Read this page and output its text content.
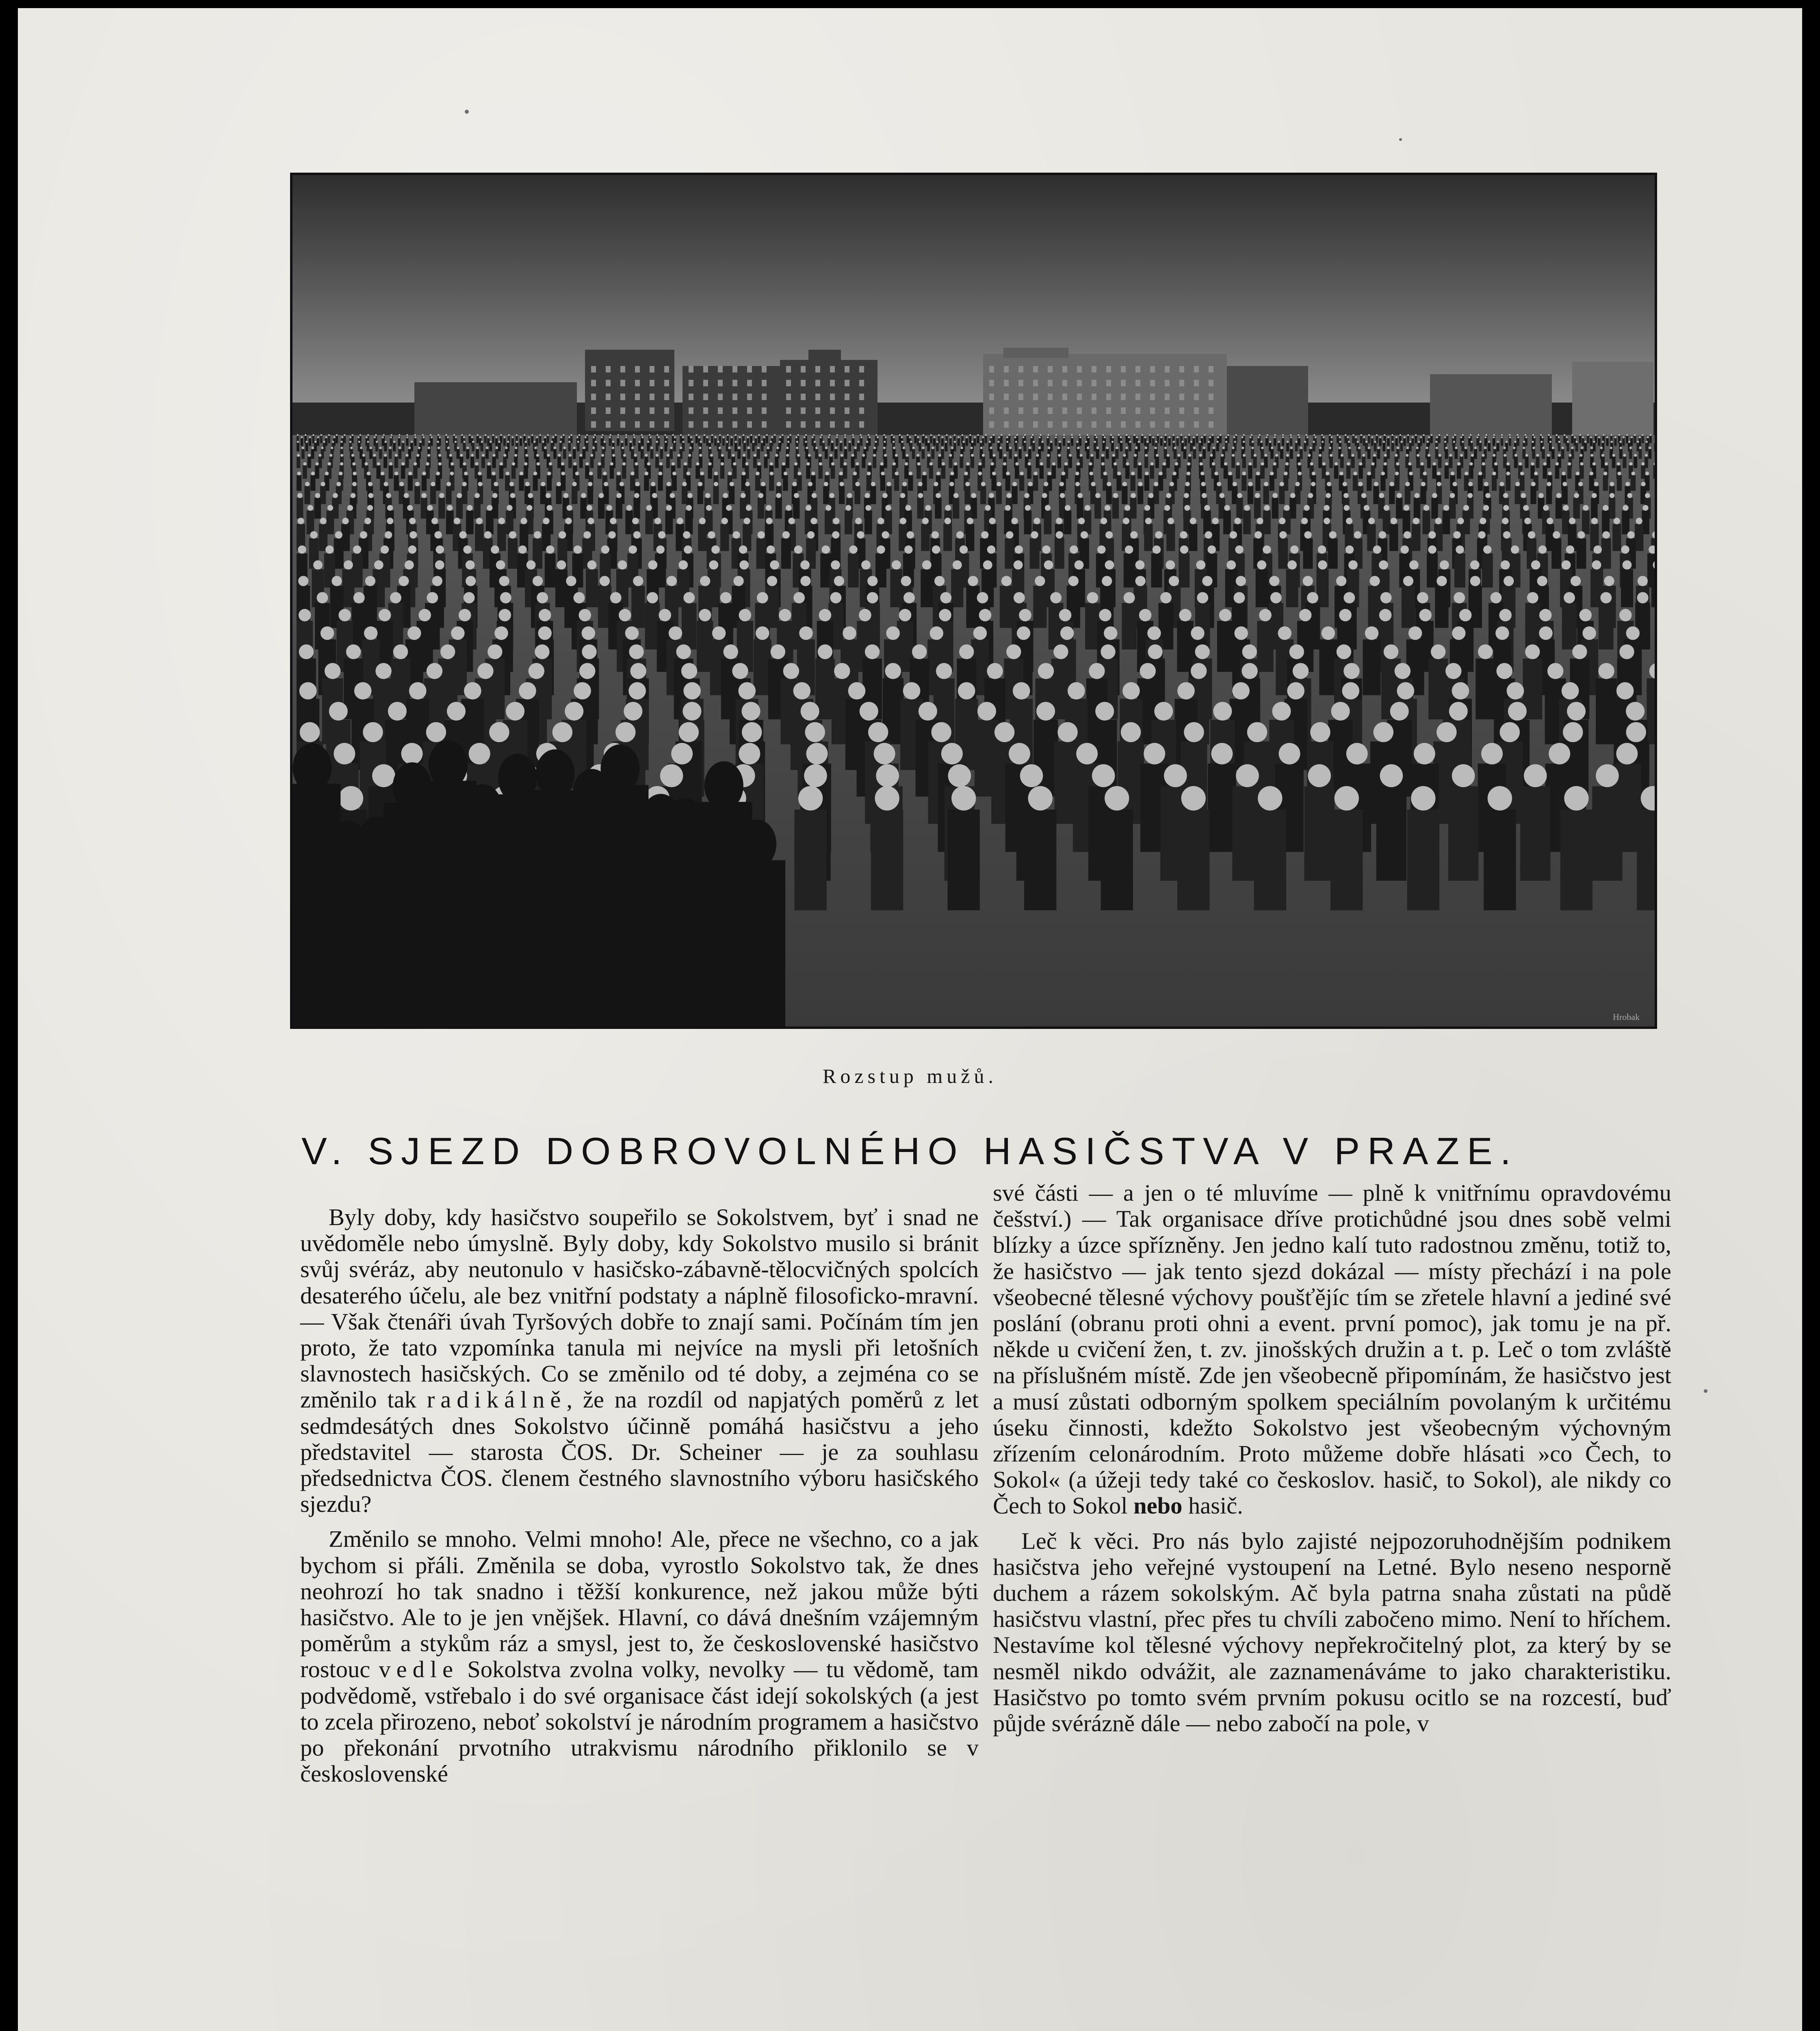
Hrobak
Rozstup mužů.
V. SJEZD DOBROVOLNÉHO HASIČSTVA V PRAZE.

Byly doby, kdy hasičstvo soupeřilo se Sokolstvem, byť i snad ne uvědoměle nebo úmyslně. Byly doby, kdy Sokolstvo musilo si bránit svůj svéráz, aby neutonulo v hasičsko-zábavně-tělocvičných spolcích desaterého účelu, ale bez vnitřní podstaty a náplně filosoficko-mravní. — Však čtenáři úvah Tyršových dobře to znají sami. Počínám tím jen proto, že tato vzpomínka tanula mi nejvíce na mysli při letošních slavnostech hasičských. Co se změnilo od té doby, a zejména co se změnilo tak radikálně, že na rozdíl od napjatých poměrů z let sedmdesátých dnes Sokolstvo účinně pomáhá hasičstvu a jeho představitel — starosta ČOS. Dr. Scheiner — je za souhlasu předsednictva ČOS. členem čestného slavnostního výboru hasičského sjezdu?

Změnilo se mnoho. Velmi mnoho! Ale, přece ne všechno, co a jak bychom si přáli. Změnila se doba, vyrostlo Sokolstvo tak, že dnes neohrozí ho tak snadno i těžší konkurence, než jakou může býti hasičstvo. Ale to je jen vnějšek. Hlavní, co dává dnešním vzájemným poměrům a stykům ráz a smysl, jest to, že československé hasičstvo rostouc vedle Sokolstva zvolna volky, nevolky — tu vědomě, tam podvědomě, vstřebalo i do své organisace část idejí sokolských (a jest to zcela přirozeno, neboť sokolství je národním programem a hasičstvo po překonání prvotního utrakvismu národního přiklonilo se v československé

své části — a jen o té mluvíme — plně k vnitřnímu opravdovému češství.) — Tak organisace dříve protichůdné jsou dnes sobě velmi blízky a úzce spřízněny. Jen jedno kalí tuto radostnou změnu, totiž to, že hasičstvo — jak tento sjezd dokázal — místy přechází i na pole všeobecné tělesné výchovy poušťějíc tím se zřetele hlavní a jediné své poslání (obranu proti ohni a event. první pomoc), jak tomu je na př. někde u cvičení žen, t. zv. jinošských družin a t. p. Leč o tom zvláště na příslušném místě. Zde jen všeobecně připomínám, že hasičstvo jest a musí zůstati odborným spolkem speciálním povolaným k určitému úseku činnosti, kdežto Sokolstvo jest všeobecným výchovným zřízením celonárodním. Proto můžeme dobře hlásati »co Čech, to Sokol« (a úžeji tedy také co českoslov. hasič, to Sokol), ale nikdy co Čech to Sokol nebo hasič.

Leč k věci. Pro nás bylo zajisté nejpozoruhodnějším podnikem hasičstva jeho veřejné vystoupení na Letné. Bylo neseno nesporně duchem a rázem sokolským. Ač byla patrna snaha zůstati na půdě hasičstvu vlastní, přec přes tu chvíli zabočeno mimo. Není to hříchem. Nestavíme kol tělesné výchovy nepřekročitelný plot, za který by se nesměl nikdo odvážit, ale zaznamenáváme to jako charakteristiku. Hasičstvo po tomto svém prvním pokusu ocitlo se na rozcestí, buď půjde svérázně dále — nebo zabočí na pole, v
